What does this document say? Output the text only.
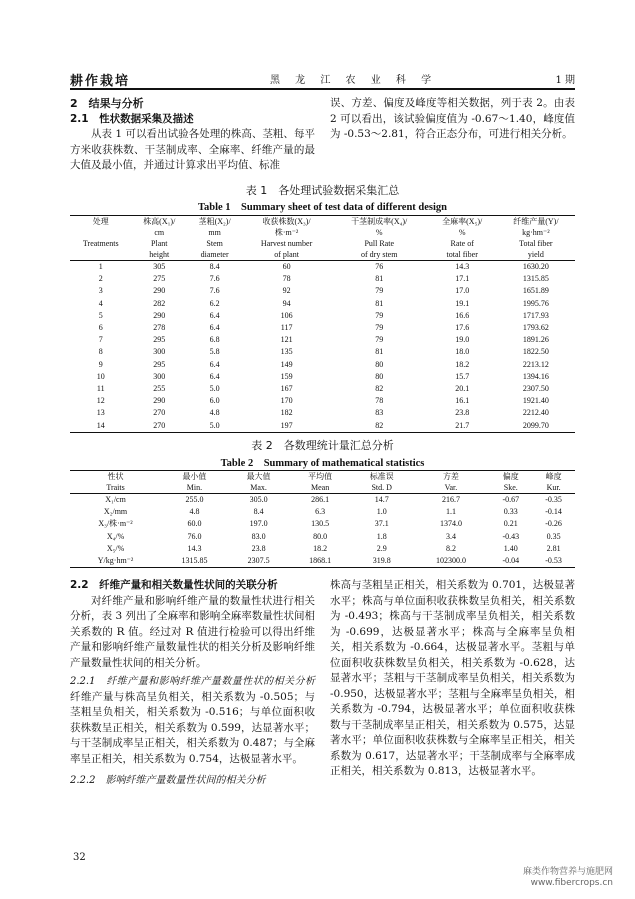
耕作栽培	黑 龙 江 农 业 科 学	1 期

2　结果与分析

2.1　性状数据采集及描述

从表 1 可以看出试验各处理的株高、茎粗、每平方米收获株数、干茎制成率、全麻率、纤维产量的最大值及最小值，并通过计算求出平均值、标准

误、方差、偏度及峰度等相关数据，列于表 2。由表 2 可以看出，该试验偏度值为 -0.67～1.40，峰度值为 -0.53～2.81，符合正态分布，可进行相关分析。

表 1　各处理试验数据采集汇总
Table 1　Summary sheet of test data of different design
处理	株高(X₁)/	茎粗(X₂)/	收获株数(X₃)/	干茎制成率(X₄)/	全麻率(X₅)/	纤维产量(Y)/
	cm	mm	株·m⁻²	%	%	kg·hm⁻²
Treatments	Plant	Stem	Harvest number	Pull Rate	Rate of	Total fiber
	height	diameter	of plant	of dry stem	total fiber	yield
1	305	8.4	60	76	14.3	1630.20
2	275	7.6	78	81	17.1	1315.85
3	290	7.6	92	79	17.0	1651.89
4	282	6.2	94	81	19.1	1995.76
5	290	6.4	106	79	16.6	1717.93
6	278	6.4	117	79	17.6	1793.62
7	295	6.8	121	79	19.0	1891.26
8	300	5.8	135	81	18.0	1822.50
9	295	6.4	149	80	18.2	2213.12
10	300	6.4	159	80	15.7	1394.16
11	255	5.0	167	82	20.1	2307.50
12	290	6.0	170	78	16.1	1921.40
13	270	4.8	182	83	23.8	2212.40
14	270	5.0	197	82	21.7	2099.70
表 2　各数理统计量汇总分析
Table 2　Summary of mathematical statistics
性状	最小值	最大值	平均值	标准误	方差	偏度	峰度
Traits	Min.	Max.	Mean	Std. D	Var.	Ske.	Kur.
X₁/cm	255.0	305.0	286.1	14.7	216.7	-0.67	-0.35
X₂/mm	4.8	8.4	6.3	1.0	1.1	0.33	-0.14
X₃/株·m⁻²	60.0	197.0	130.5	37.1	1374.0	0.21	-0.26
X₄/%	76.0	83.0	80.0	1.8	3.4	-0.43	0.35
X₅/%	14.3	23.8	18.2	2.9	8.2	1.40	2.81
Y/kg·hm⁻²	1315.85	2307.5	1868.1	319.8	102300.0	-0.04	-0.53

2.2　纤维产量和相关数量性状间的关联分析

对纤维产量和影响纤维产量的数量性状进行相关分析，表 3 列出了全麻率和影响全麻率数量性状间相关系数的 R 值。经过对 R 值进行检验可以得出纤维产量和影响纤维产量数量性状的相关分析及影响纤维产量数量性状间的相关分析。

2.2.1　纤维产量和影响纤维产量数量性状的相关分析　纤维产量与株高呈负相关，相关系数为 -0.505；与茎粗呈负相关，相关系数为 -0.516；与单位面积收获株数呈正相关，相关系数为 0.599，达显著水平；与干茎制成率呈正相关，相关系数为 0.487；与全麻率呈正相关，相关系数为 0.754，达极显著水平。

2.2.2　影响纤维产量数量性状间的相关分析

株高与茎粗呈正相关，相关系数为 0.701，达极显著水平；株高与单位面积收获株数呈负相关，相关系数为 -0.493；株高与干茎制成率呈负相关，相关系数为 -0.699，达极显著水平；株高与全麻率呈负相关，相关系数为 -0.664，达极显著水平。茎粗与单位面积收获株数呈负相关，相关系数为 -0.628，达显著水平；茎粗与干茎制成率呈负相关，相关系数为 -0.950，达极显著水平；茎粗与全麻率呈负相关，相关系数为 -0.794，达极显著水平；单位面积收获株数与干茎制成率呈正相关，相关系数为 0.575，达显著水平；单位面积收获株数与全麻率呈正相关，相关系数为 0.617，达显著水平；干茎制成率与全麻率成正相关，相关系数为 0.813，达极显著水平。

32
麻类作物营养与施肥网
www.fibercrops.cn
